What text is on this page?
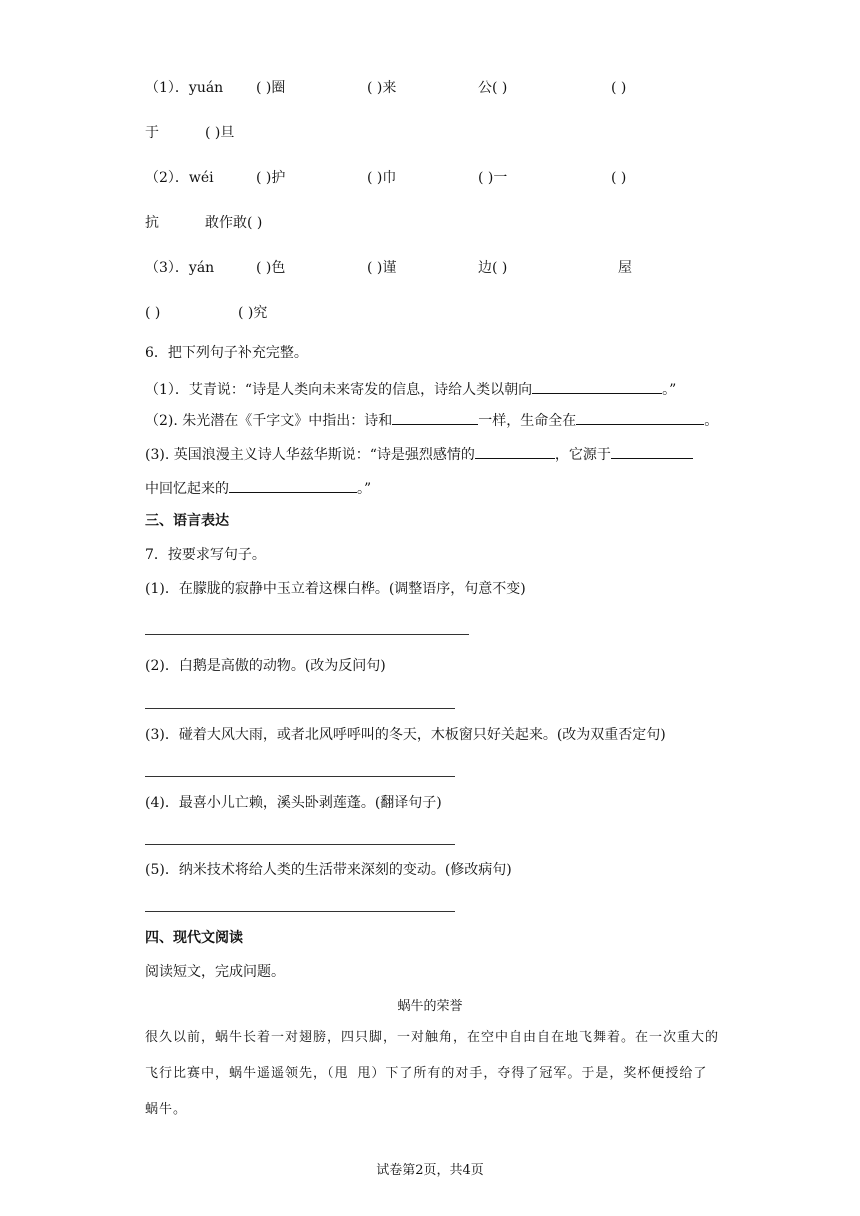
（1）．yuán ( )圈	( )来	公( )	( )
于	( )旦
（2）．wéi	( )护	( )巾	( )一	( )
抗	敢作敢( )
（3）．yán	( )色	( )谨	边( )	屋
( )	( )究
6．把下列句子补充完整。
（1）．艾青说：“诗是人类向未来寄发的信息，诗给人类以朝向	。”
（2). 朱光潜在《千字文》中指出：诗和	一样，生命全在	。
(3). 英国浪漫主义诗人华兹华斯说：“诗是强烈感情的	，它源于
中回忆起来的	。”
三、语言表达
7．按要求写句子。
(1)．在朦胧的寂静中玉立着这棵白桦。(调整语序，句意不变)
(2)．白鹅是高傲的动物。(改为反问句)
(3)．碰着大风大雨，或者北风呼呼叫的冬天，木板窗只好关起来。(改为双重否定句)
(4)．最喜小儿亡赖，溪头卧剥莲蓬。(翻译句子)
(5)．纳米技术将给人类的生活带来深刻的变动。(修改病句)
四、现代文阅读
阅读短文，完成问题。
蜗牛的荣誉
很久以前，蜗牛长着一对翅膀，四只脚，一对触角，在空中自由自在地飞舞着。在一次重大的飞行比赛中，蜗牛遥遥领先，（甩 甩）下了所有的对手，夺得了冠军。于是，奖杯便授给了蜗牛。
试卷第2页，共4页
